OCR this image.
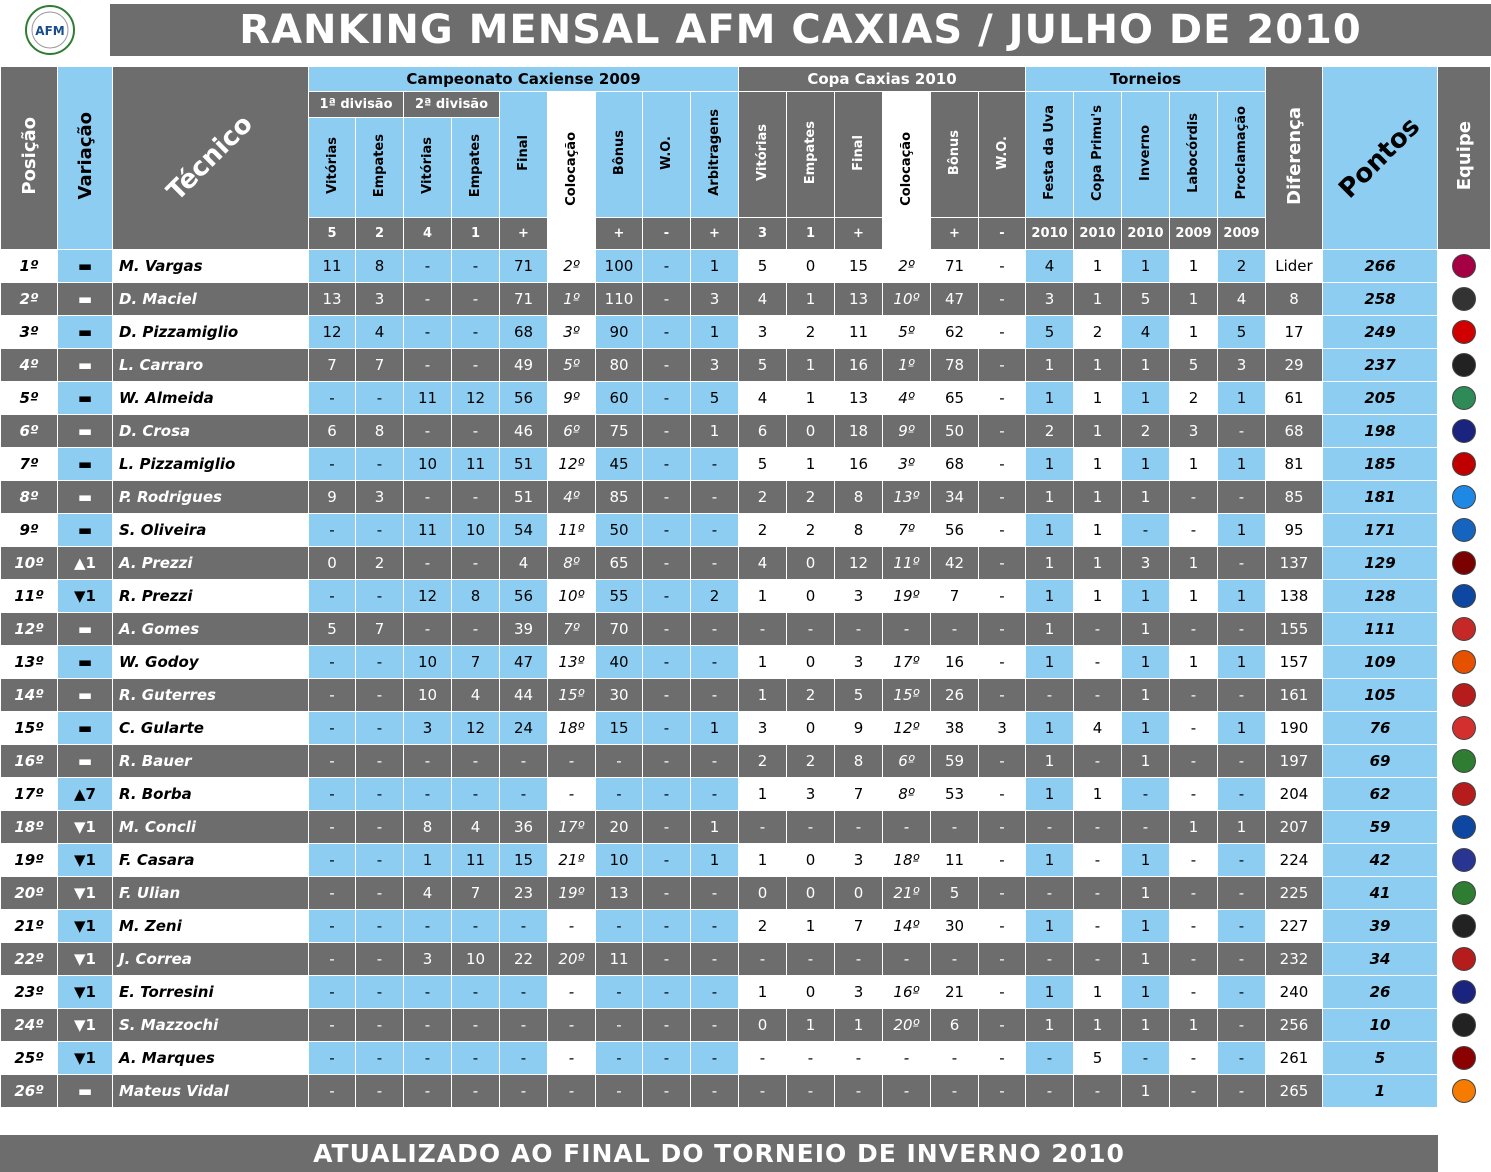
AFM	RANKING MENSAL AFM CAXIAS / JULHO DE 2010
Posição	Variação	Técnico	Campeonato Caxiense 2009									Copa Caxias 2010						Torneios					Diferença	Pontos	Equipe
			1ª divisão		2ª divisão		Final	Colocação	Bônus	W.O.	Arbitragens	Vitórias	Empates	Final	Colocação	Bônus	W.O.	Festa da Uva	Copa Primu's	Inverno	Labocórdis	Proclamação			
			Vitórias	Empates	Vitórias	Empates																			
			5	2	4	1	+		+	-	+	3	1	+		+	-	2010	2010	2010	2009	2009			
1º	▬	M. Vargas	11	8	-	-	71	2º	100	-	1	5	0	15	2º	71	-	4	1	1	1	2	Lider	266	
2º	▬	D. Maciel	13	3	-	-	71	1º	110	-	3	4	1	13	10º	47	-	3	1	5	1	4	8	258	
3º	▬	D. Pizzamiglio	12	4	-	-	68	3º	90	-	1	3	2	11	5º	62	-	5	2	4	1	5	17	249	
4º	▬	L. Carraro	7	7	-	-	49	5º	80	-	3	5	1	16	1º	78	-	1	1	1	5	3	29	237	
5º	▬	W. Almeida	-	-	11	12	56	9º	60	-	5	4	1	13	4º	65	-	1	1	1	2	1	61	205	
6º	▬	D. Crosa	6	8	-	-	46	6º	75	-	1	6	0	18	9º	50	-	2	1	2	3	-	68	198	
7º	▬	L. Pizzamiglio	-	-	10	11	51	12º	45	-	-	5	1	16	3º	68	-	1	1	1	1	1	81	185	
8º	▬	P. Rodrigues	9	3	-	-	51	4º	85	-	-	2	2	8	13º	34	-	1	1	1	-	-	85	181	
9º	▬	S. Oliveira	-	-	11	10	54	11º	50	-	-	2	2	8	7º	56	-	1	1	-	-	1	95	171	
10º	▲1	A. Prezzi	0	2	-	-	4	8º	65	-	-	4	0	12	11º	42	-	1	1	3	1	-	137	129	
11º	▼1	R. Prezzi	-	-	12	8	56	10º	55	-	2	1	0	3	19º	7	-	1	1	1	1	1	138	128	
12º	▬	A. Gomes	5	7	-	-	39	7º	70	-	-	-	-	-	-	-	-	1	-	1	-	-	155	111	
13º	▬	W. Godoy	-	-	10	7	47	13º	40	-	-	1	0	3	17º	16	-	1	-	1	1	1	157	109	
14º	▬	R. Guterres	-	-	10	4	44	15º	30	-	-	1	2	5	15º	26	-	-	-	1	-	-	161	105	
15º	▬	C. Gularte	-	-	3	12	24	18º	15	-	1	3	0	9	12º	38	3	1	4	1	-	1	190	76	
16º	▬	R. Bauer	-	-	-	-	-	-	-	-	-	2	2	8	6º	59	-	1	-	1	-	-	197	69	
17º	▲7	R. Borba	-	-	-	-	-	-	-	-	-	1	3	7	8º	53	-	1	1	-	-	-	204	62	
18º	▼1	M. Concli	-	-	8	4	36	17º	20	-	1	-	-	-	-	-	-	-	-	-	1	1	207	59	
19º	▼1	F. Casara	-	-	1	11	15	21º	10	-	1	1	0	3	18º	11	-	1	-	1	-	-	224	42	
20º	▼1	F. Ulian	-	-	4	7	23	19º	13	-	-	0	0	0	21º	5	-	-	-	1	-	-	225	41	
21º	▼1	M. Zeni	-	-	-	-	-	-	-	-	-	2	1	7	14º	30	-	1	-	1	-	-	227	39	
22º	▼1	J. Correa	-	-	3	10	22	20º	11	-	-	-	-	-	-	-	-	-	-	1	-	-	232	34	
23º	▼1	E. Torresini	-	-	-	-	-	-	-	-	-	1	0	3	16º	21	-	1	1	1	-	-	240	26	
24º	▼1	S. Mazzochi	-	-	-	-	-	-	-	-	-	0	1	1	20º	6	-	1	1	1	1	-	256	10	
25º	▼1	A. Marques	-	-	-	-	-	-	-	-	-	-	-	-	-	-	-	-	5	-	-	-	261	5	
26º	▬	Mateus Vidal	-	-	-	-	-	-	-	-	-	-	-	-	-	-	-	-	-	1	-	-	265	1	
ATUALIZADO AO FINAL DO TORNEIO DE INVERNO 2010
